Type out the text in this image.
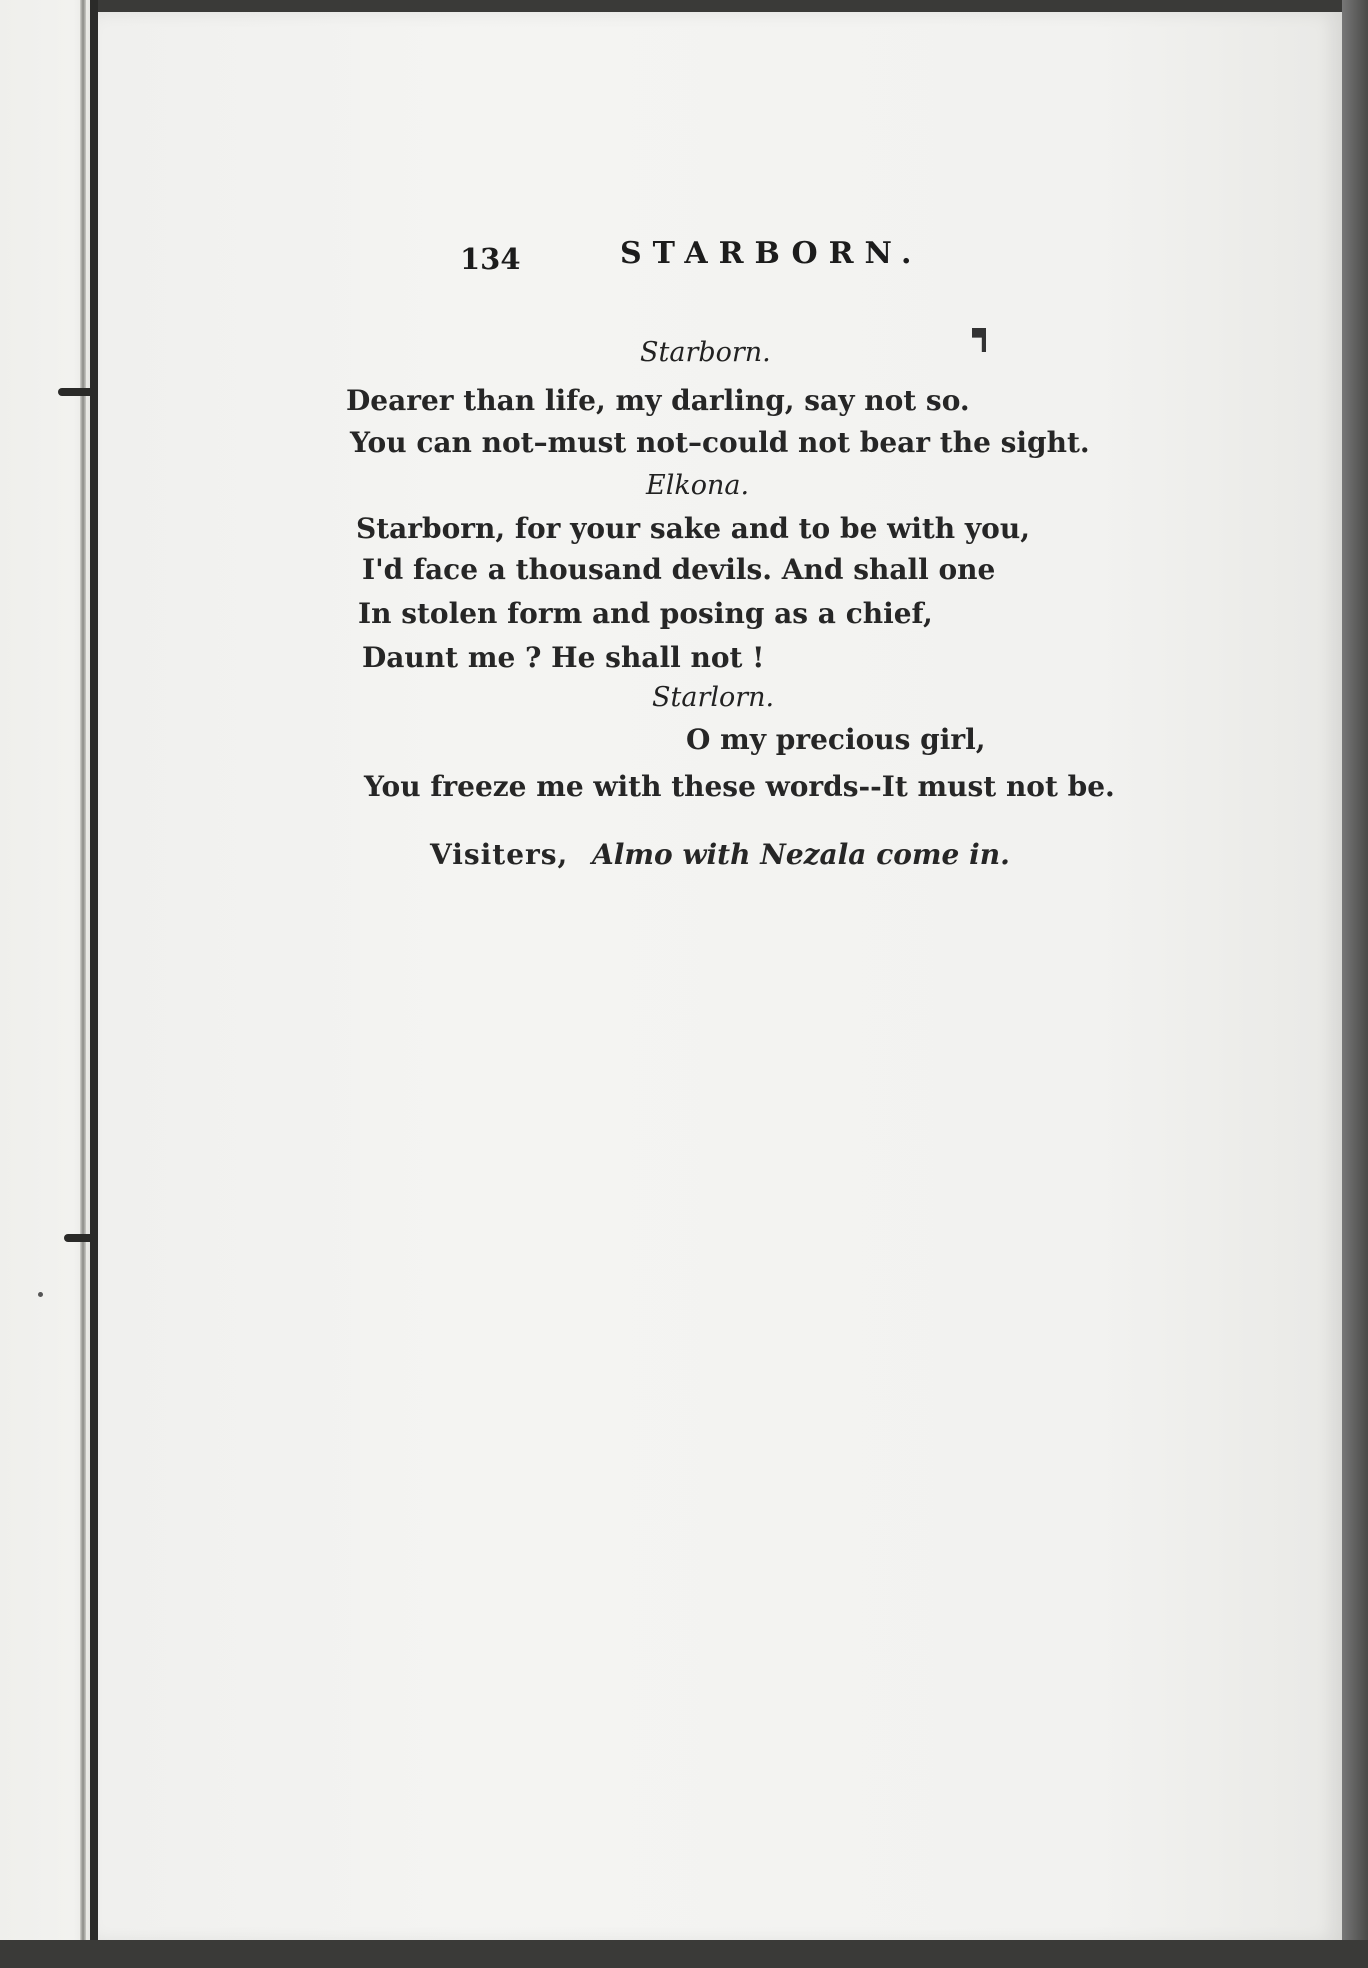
134	STARBORN.
Starborn.
Dearer than life, my darling, say not so.
You can not–must not–could not bear the sight.
Elkona.
Starborn, for your sake and to be with you,
I'd face a thousand devils. And shall one
In stolen form and posing as a chief,
Daunt me ? He shall not !
Starlorn.
O my precious girl,
You freeze me with these words--It must not be.
Visiters, Almo with Nezala come in.
